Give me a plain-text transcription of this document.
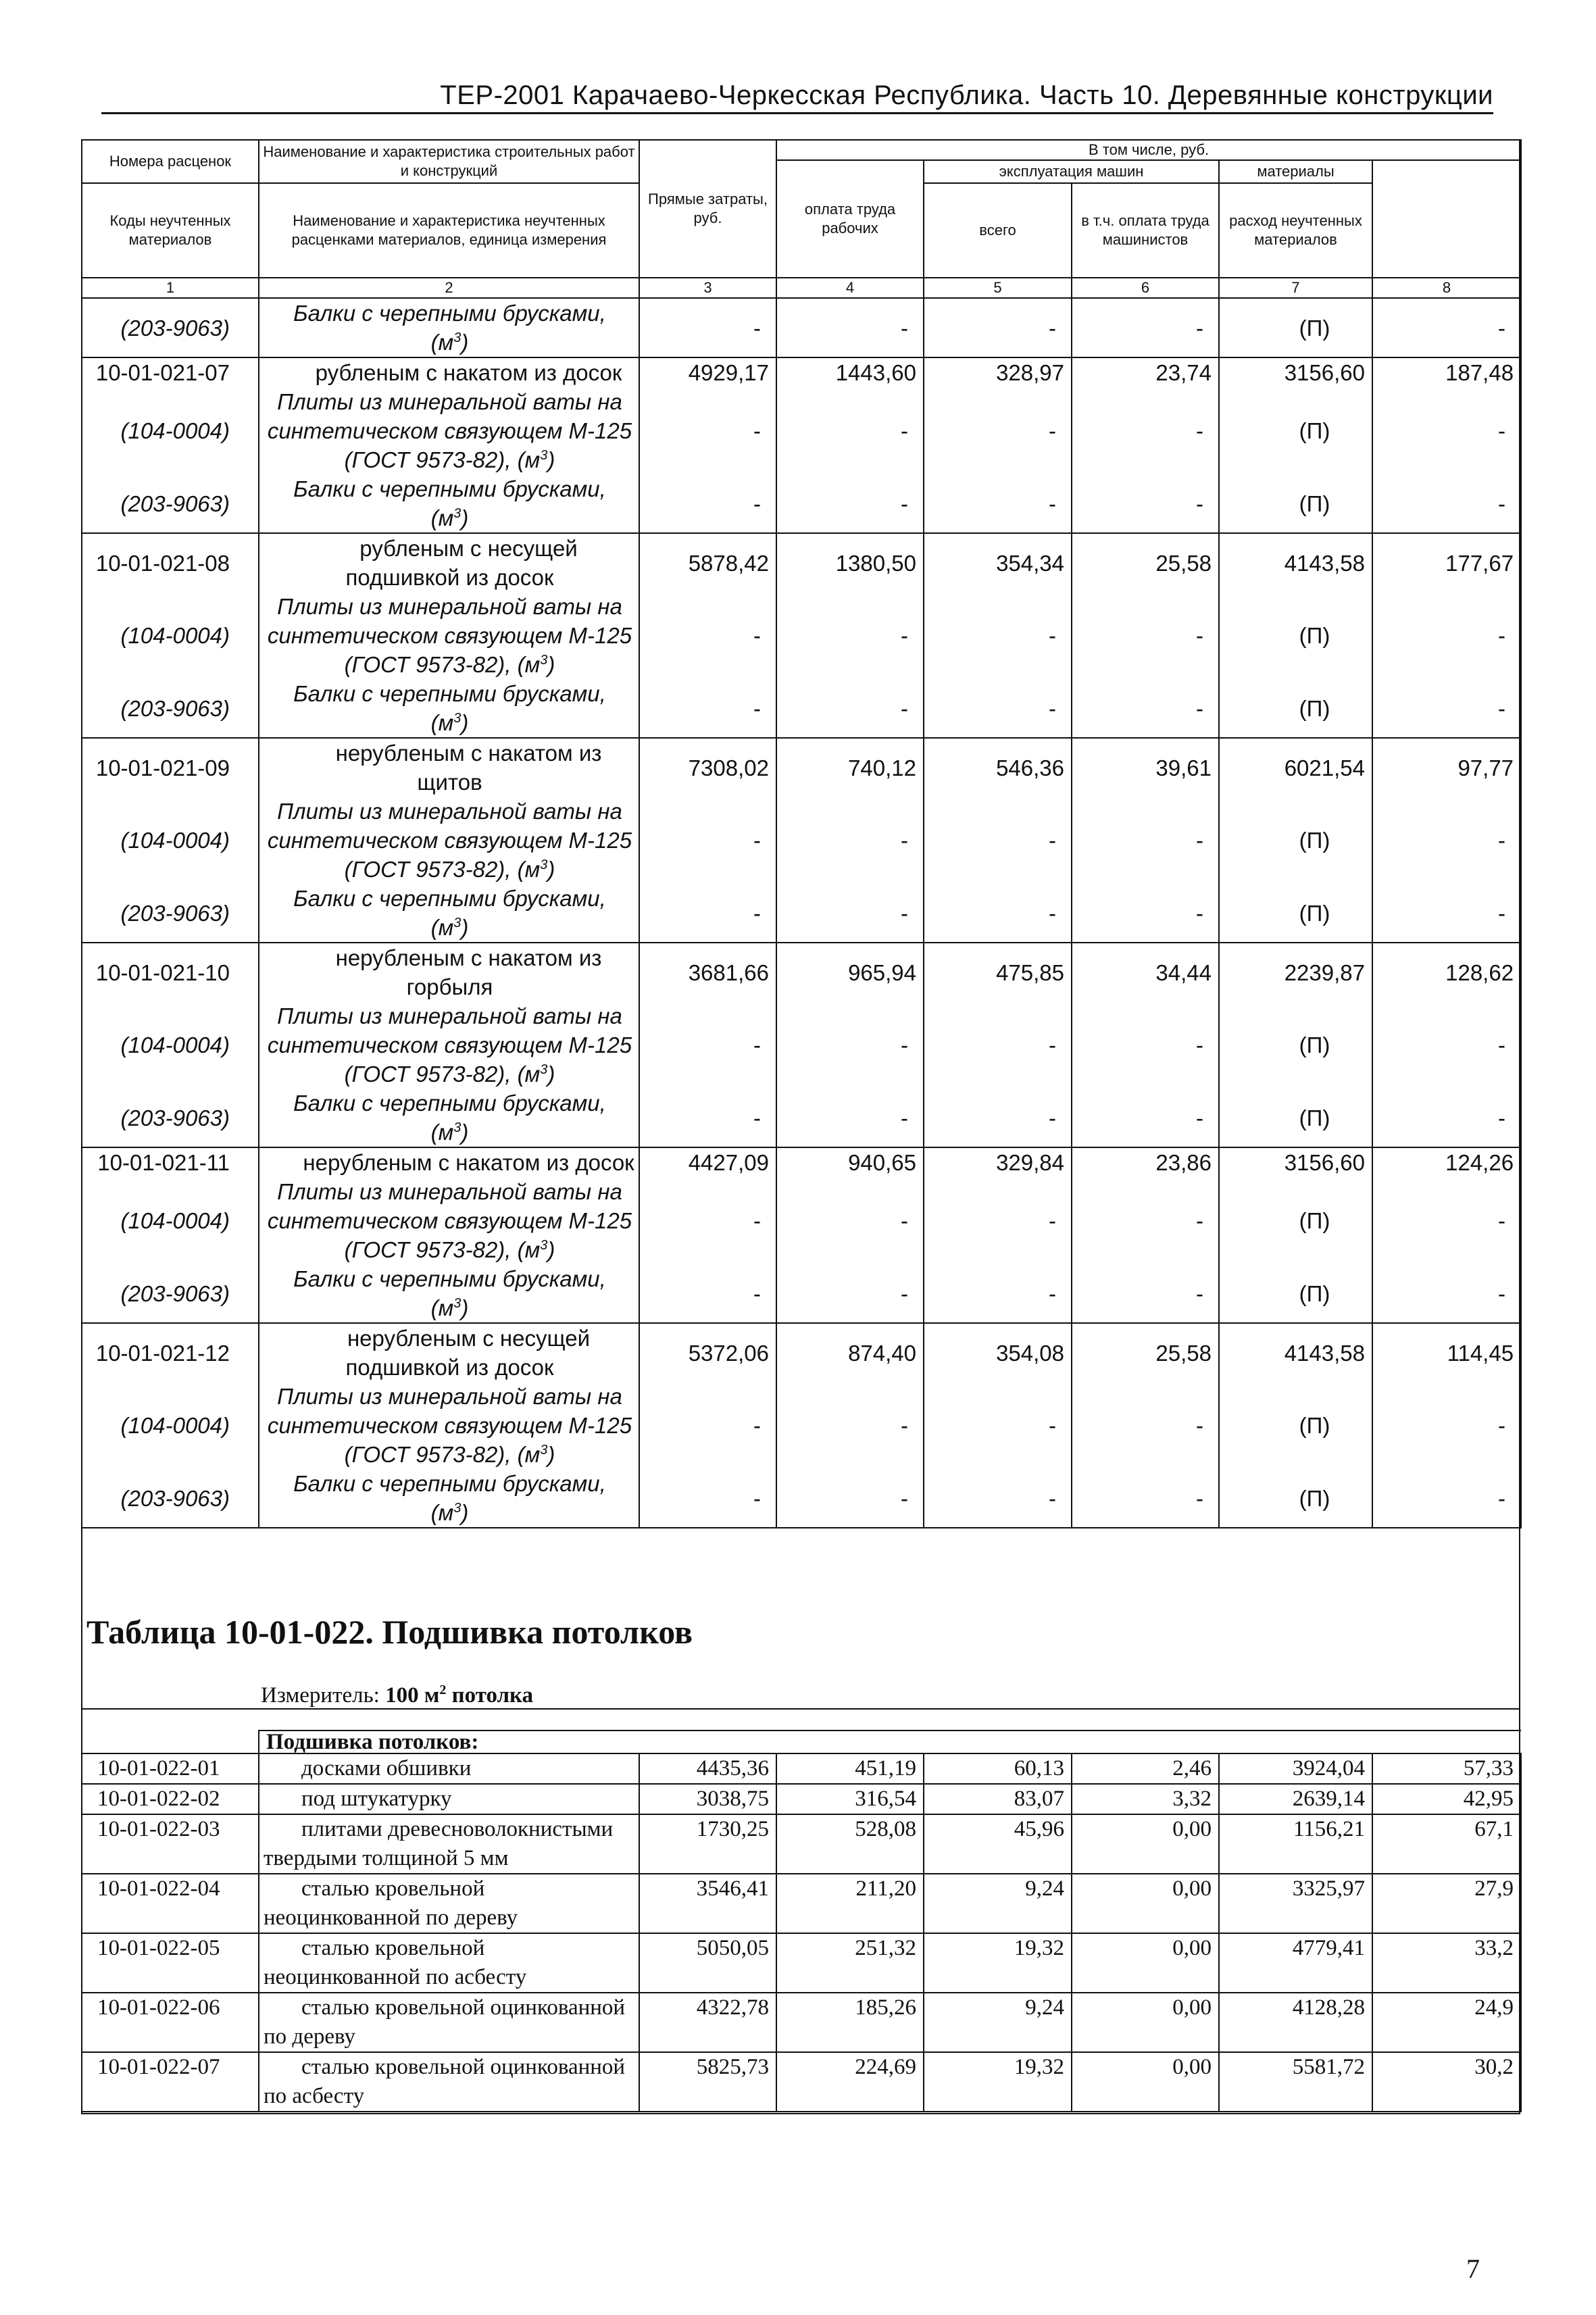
ТЕР-2001 Карачаево-Черкесская Республика. Часть 10. Деревянные конструкции
Номера расценок	Наименование и характеристика строительных работ и конструкций	Прямые затраты, руб.	В том числе, руб.	
			оплата труда рабочих	эксплуатация машин		материалы		
Коды неучтенных материалов	Наименование и характеристика неучтенных расценками материалов, единица измерения			всего	в т.ч. оплата труда машинистов	расход неучтенных материалов		

1	2	3	4	5	6	7	8	
(203-9063)	Балки с черепными брусками,
$(м^3)$	-	-	-	-	(П)	-	
10-01-021-07	рубленым с накатом из досок	4929,17	1443,60	328,97	23,74	3156,60	187,48	
(104-0004)	Плиты из минеральной ваты на синтетическом связующем М-125 (ГОСТ 9573-82), $(м^3)$	-	-	-	-	(П)	-	
(203-9063)	Балки с черепными брусками,
$(м^3)$	-	-	-	-	(П)	-	
10-01-021-08	рубленым с несущей подшивкой из досок	5878,42	1380,50	354,34	25,58	4143,58	177,67	
(104-0004)	Плиты из минеральной ваты на синтетическом связующем М-125 (ГОСТ 9573-82), $(м^3)$	-	-	-	-	(П)	-	
(203-9063)	Балки с черепными брусками,
$(м^3)$	-	-	-	-	(П)	-	
10-01-021-09	нерубленым с накатом из щитов	7308,02	740,12	546,36	39,61	6021,54	97,77	
(104-0004)	Плиты из минеральной ваты на синтетическом связующем М-125 (ГОСТ 9573-82), $(м^3)$	-	-	-	-	(П)	-	
(203-9063)	Балки с черепными брусками,
$(м^3)$	-	-	-	-	(П)	-	
10-01-021-10	нерубленым с накатом из горбыля	3681,66	965,94	475,85	34,44	2239,87	128,62	
(104-0004)	Плиты из минеральной ваты на синтетическом связующем М-125 (ГОСТ 9573-82), $(м^3)$	-	-	-	-	(П)	-	
(203-9063)	Балки с черепными брусками,
$(м^3)$	-	-	-	-	(П)	-	
10-01-021-11	нерубленым с накатом из досок	4427,09	940,65	329,84	23,86	3156,60	124,26	
(104-0004)	Плиты из минеральной ваты на синтетическом связующем М-125 (ГОСТ 9573-82), $(м^3)$	-	-	-	-	(П)	-	
(203-9063)	Балки с черепными брусками,
$(м^3)$	-	-	-	-	(П)	-	
10-01-021-12	нерубленым с несущей подшивкой из досок	5372,06	874,40	354,08	25,58	4143,58	114,45	
(104-0004)	Плиты из минеральной ваты на синтетическом связующем М-125 (ГОСТ 9573-82), $(м^3)$	-	-	-	-	(П)	-	
(203-9063)	Балки с черепными брусками,
$(м^3)$	-	-	-	-	(П)	-	
Таблица 10-01-022. Подшивка потолков
Измеритель: 100 $м^2$ потолка
	Подшивка потолков:						
10-01-022-01	досками обшивки	4435,36	451,19	60,13	2,46	3924,04	57,33
10-01-022-02	под штукатурку	3038,75	316,54	83,07	3,32	2639,14	42,95
10-01-022-03	плитами древесноволокнистыми твердыми толщиной 5 мм	1730,25	528,08	45,96	0,00	1156,21	67,1
10-01-022-04	сталью кровельной неоцинкованной по дереву	3546,41	211,20	9,24	0,00	3325,97	27,9
10-01-022-05	сталью кровельной неоцинкованной по асбесту	5050,05	251,32	19,32	0,00	4779,41	33,2
10-01-022-06	сталью кровельной оцинкованной по дереву	4322,78	185,26	9,24	0,00	4128,28	24,9
10-01-022-07	сталью кровельной оцинкованной по асбесту	5825,73	224,69	19,32	0,00	5581,72	30,2
7
